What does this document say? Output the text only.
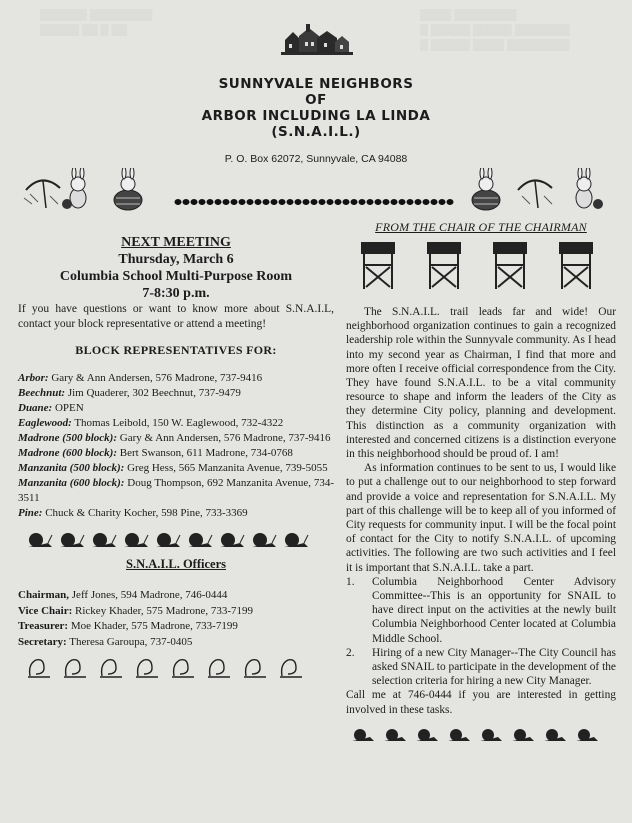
▒▒▒▒▒▒ ▒▒▒▒▒▒▒▒
▒▒▒▒▒ ▒▒ ▒ ▒▒
▒▒▒▒ ▒▒▒▒▒▒▒▒
▒ ▒▒▒▒▒ ▒▒▒▒▒ ▒▒▒▒▒▒▒
▒ ▒▒▒▒▒ ▒▒▒▒ ▒▒▒▒▒▒▒▒
SUNNYVALE NEIGHBORS
OF
ARBOR INCLUDING LA LINDA
(S.N.A.I.L.)
P. O. Box 62072, Sunnyvale, CA 94088
NEXT MEETING
Thursday, March 6
Columbia School Multi-Purpose Room
7-8:30 p.m.
If you have questions or want to know more about S.N.A.I.L, contact your block representative or attend a meeting!
BLOCK REPRESENTATIVES FOR:
Arbor: Gary & Ann Andersen, 576 Madrone, 737-9416
Beechnut: Jim Quaderer, 302 Beechnut, 737-9479
Duane: OPEN
Eaglewood: Thomas Leibold, 150 W. Eaglewood, 732-4322
Madrone (500 block): Gary & Ann Andersen, 576 Madrone, 737-9416
Madrone (600 block): Bert Swanson, 611 Madrone, 734-0768
Manzanita (500 block): Greg Hess, 565 Manzanita Avenue, 739-5055
Manzanita (600 block): Doug Thompson, 692 Manzanita Avenue, 734-3511
Pine: Chuck & Charity Kocher, 598 Pine, 733-3369
S.N.A.I.L. Officers
Chairman, Jeff Jones, 594 Madrone, 746-0444
Vice Chair: Rickey Khader, 575 Madrone, 733-7199
Treasurer: Moe Khader, 575 Madrone, 733-7199
Secretary: Theresa Garoupa, 737-0405
FROM THE CHAIR OF THE CHAIRMAN

The S.N.A.I.L. trail leads far and wide! Our neighborhood organization continues to gain a recognized leadership role within the Sunnyvale community. As I head into my second year as Chairman, I find that more and more often I receive official correspondence from the City. They have found S.N.A.I.L. to be a vital community resource to shape and inform the leaders of the City as they determine City policy, planning and development. This distinction as a community organization with interested and concerned citizens is a distinction everyone in this neighborhood should be proud of. I am!

As information continues to be sent to us, I would like to put a challenge out to our neighborhood to step forward and provide a voice and representation for S.N.A.I.L. My part of this challenge will be to keep all of you informed of City requests for community input. I will be the focal point of contact for the City to notify S.N.A.I.L. of upcoming activities. The following are two such activities and I feel it is important that S.N.A.I.L. take a part.

1. Columbia Neighborhood Center Advisory Committee--This is an opportunity for SNAIL to have direct input on the activities at the newly built Columbia Neighborhood Center located at Columbia Middle School.
2. Hiring of a new City Manager--The City Council has asked SNAIL to participate in the development of the selection criteria for hiring a new City Manager.
Call me at 746-0444 if you are interested in getting involved in these tasks.
